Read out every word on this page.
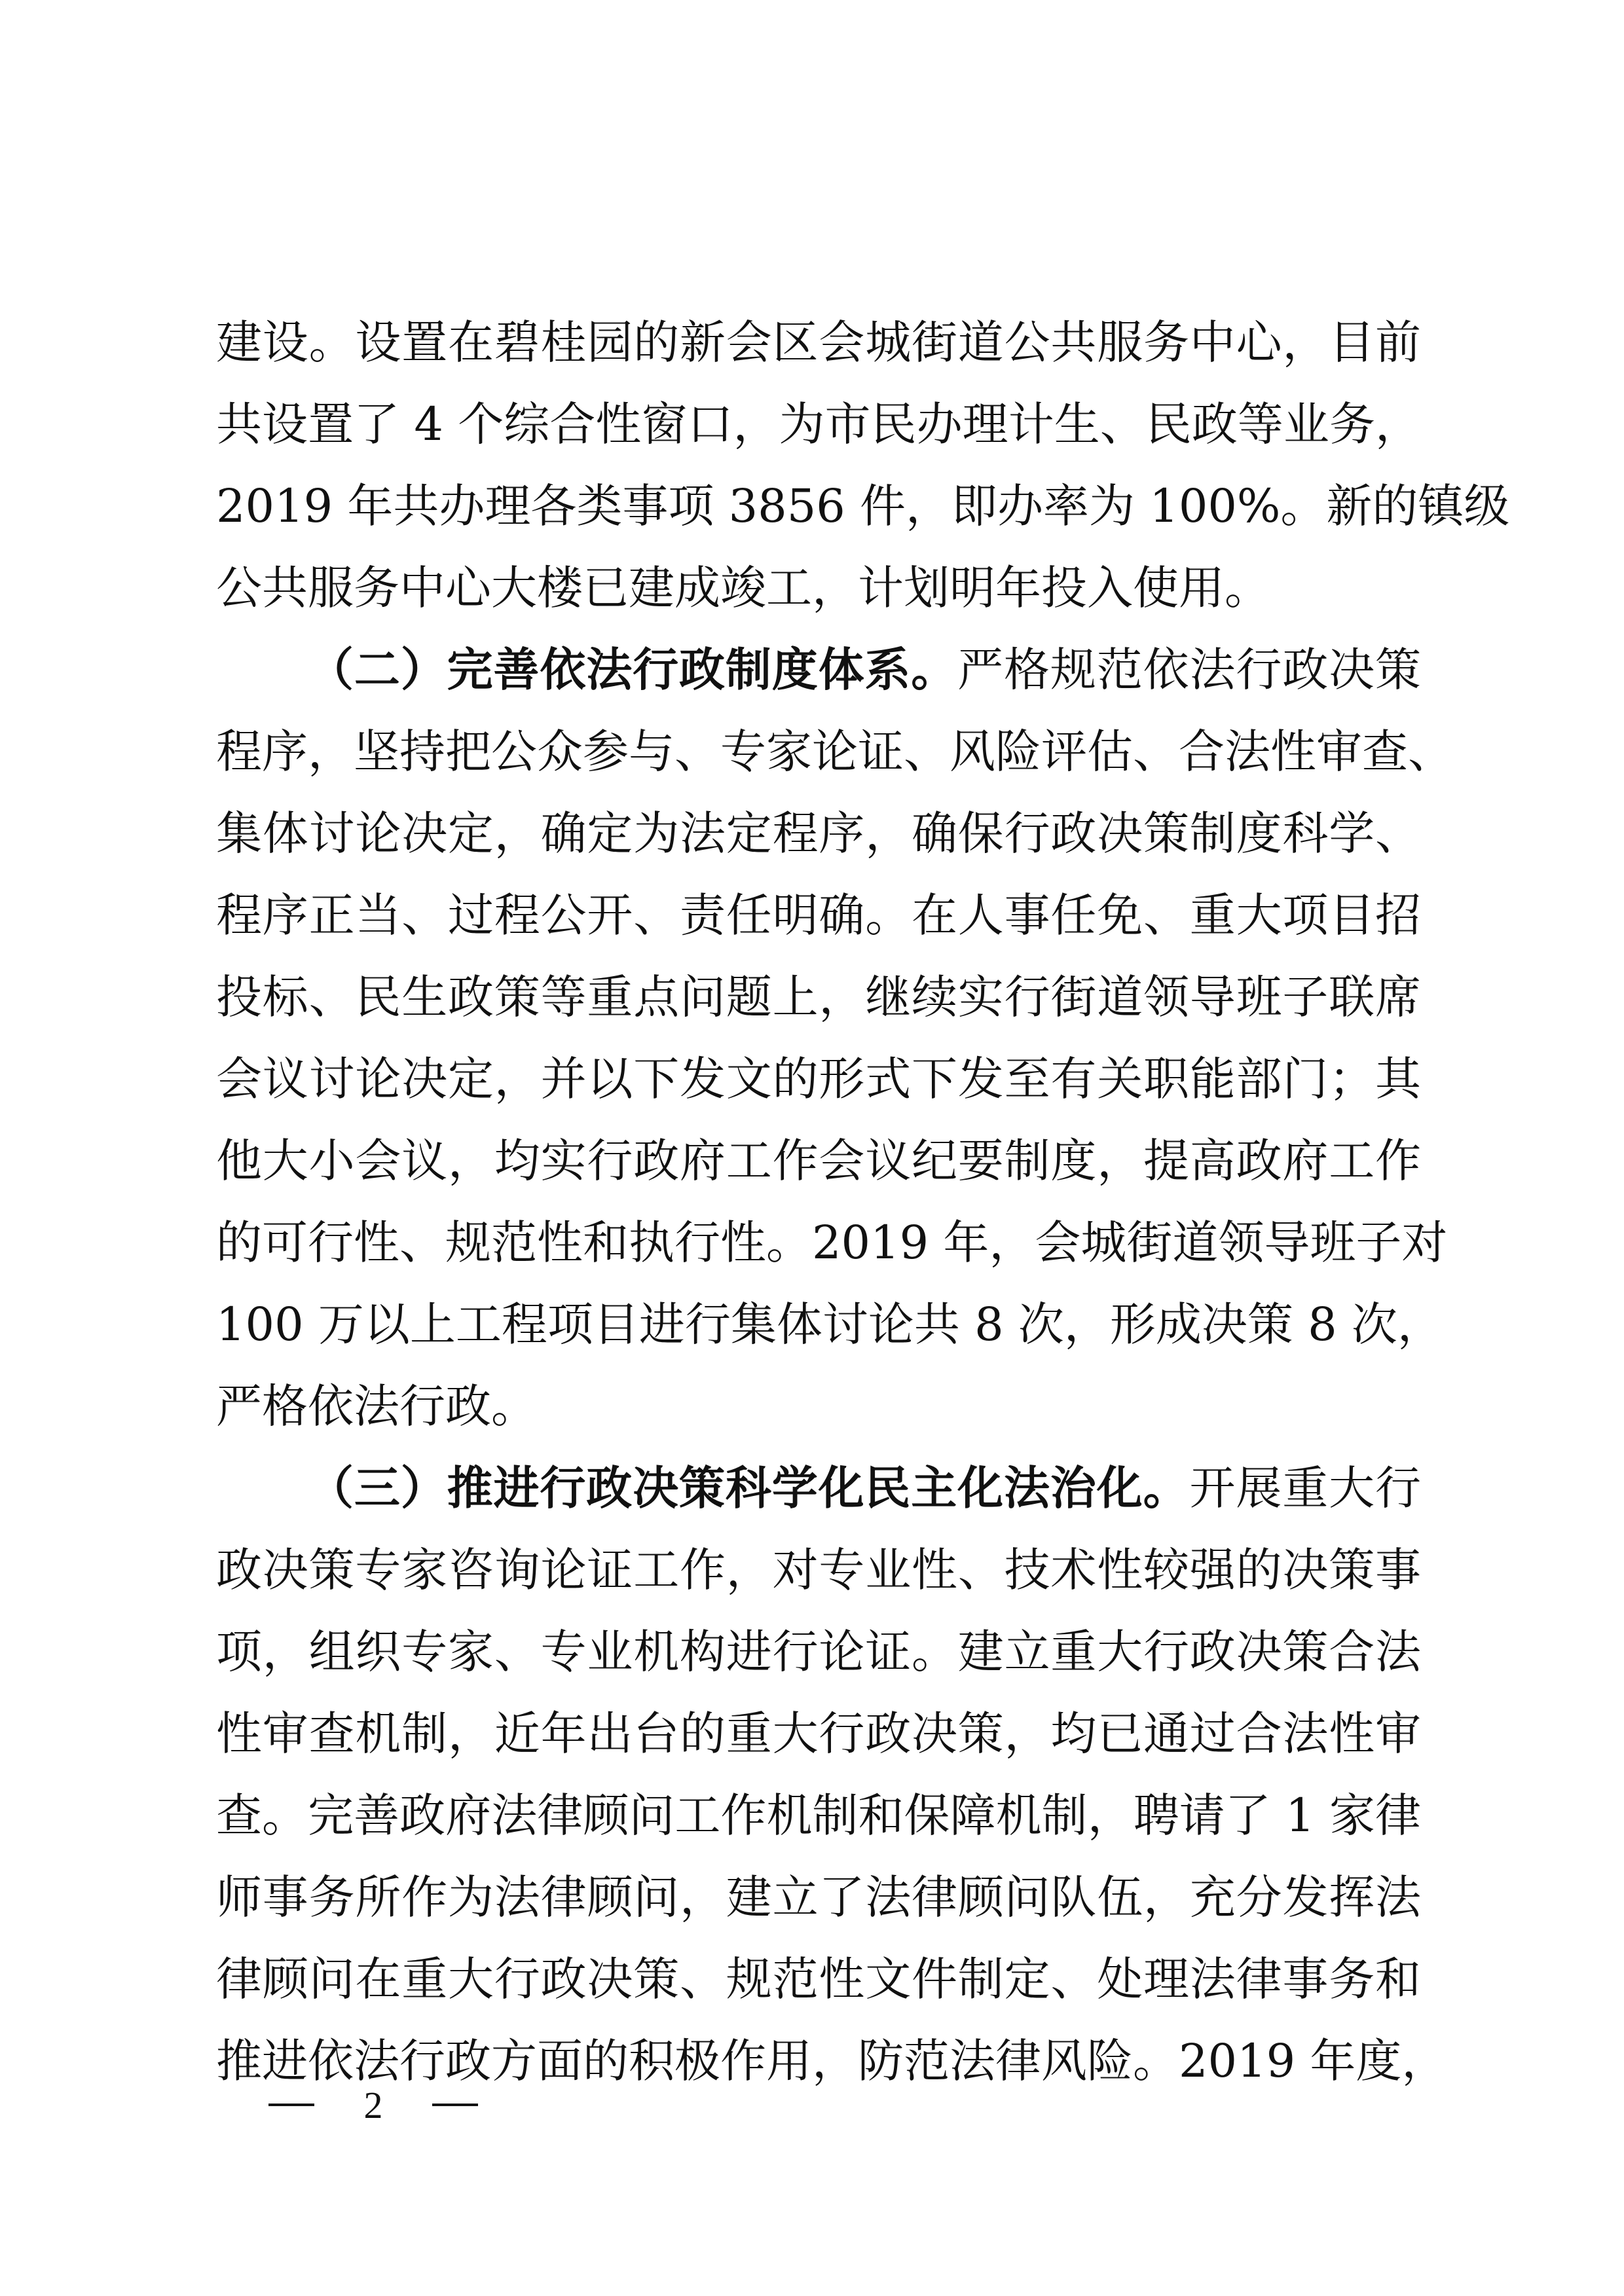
建设。设置在碧桂园的新会区会城街道公共服务中心，目前
共设置了 4 个综合性窗口，为市民办理计生、民政等业务，
2019 年共办理各类事项 3856 件，即办率为 100%。新的镇级
公共服务中心大楼已建成竣工，计划明年投入使用。
（二）完善依法行政制度体系。严格规范依法行政决策
程序，坚持把公众参与、专家论证、风险评估、合法性审查、
集体讨论决定，确定为法定程序，确保行政决策制度科学、
程序正当、过程公开、责任明确。在人事任免、重大项目招
投标、民生政策等重点问题上，继续实行街道领导班子联席
会议讨论决定，并以下发文的形式下发至有关职能部门；其
他大小会议，均实行政府工作会议纪要制度，提高政府工作
的可行性、规范性和执行性。2019 年，会城街道领导班子对
100 万以上工程项目进行集体讨论共 8 次，形成决策 8 次，
严格依法行政。
（三）推进行政决策科学化民主化法治化。开展重大行
政决策专家咨询论证工作，对专业性、技术性较强的决策事
项，组织专家、专业机构进行论证。建立重大行政决策合法
性审查机制，近年出台的重大行政决策，均已通过合法性审
查。完善政府法律顾问工作机制和保障机制，聘请了 1 家律
师事务所作为法律顾问，建立了法律顾问队伍，充分发挥法
律顾问在重大行政决策、规范性文件制定、处理法律事务和
推进依法行政方面的积极作用，防范法律风险。2019 年度，
2
